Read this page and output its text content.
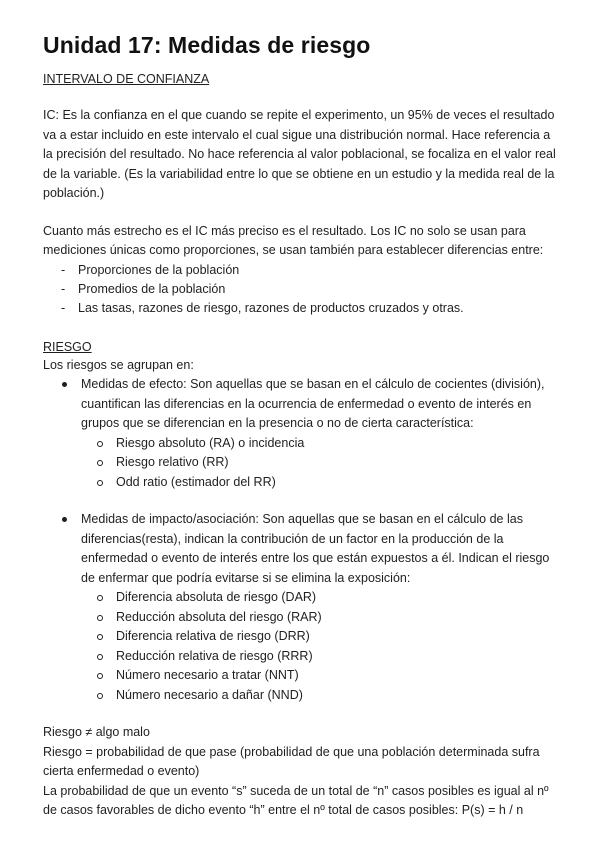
Unidad 17: Medidas de riesgo
INTERVALO DE CONFIANZA

IC: Es la confianza en el que cuando se repite el experimento, un 95% de veces el resultado va a estar incluido en este intervalo el cual sigue una distribución normal. Hace referencia a la precisión del resultado. No hace referencia al valor poblacional, se focaliza en el valor real de la variable. (Es la variabilidad entre lo que se obtiene en un estudio y la medida real de la población.)

Cuanto más estrecho es el IC más preciso es el resultado. Los IC no solo se usan para mediciones únicas como proporciones, se usan también para establecer diferencias entre:

- Proporciones de la población
- Promedios de la población
- Las tasas, razones de riesgo, razones de productos cruzados y otras.
RIESGO

Los riesgos se agrupan en:

Medidas de efecto: Son aquellas que se basan en el cálculo de cocientes (división), cuantifican las diferencias en la ocurrencia de enfermedad o evento de interés en grupos que se diferencian en la presencia o no de cierta característica:
Riesgo absoluto (RA) o incidencia
Riesgo relativo (RR)
Odd ratio (estimador del RR)
Medidas de impacto/asociación: Son aquellas que se basan en el cálculo de las diferencias(resta), indican la contribución de un factor en la producción de la enfermedad o evento de interés entre los que están expuestos a él. Indican el riesgo de enfermar que podría evitarse si se elimina la exposición:
Diferencia absoluta de riesgo (DAR)
Reducción absoluta del riesgo (RAR)
Diferencia relativa de riesgo (DRR)
Reducción relativa de riesgo (RRR)
Número necesario a tratar (NNT)
Número necesario a dañar (NND)

Riesgo ≠ algo malo

Riesgo = probabilidad de que pase (probabilidad de que una población determinada sufra cierta enfermedad o evento)

La probabilidad de que un evento “s” suceda de un total de “n” casos posibles es igual al nº de casos favorables de dicho evento “h” entre el nº total de casos posibles: P(s) = h / n
